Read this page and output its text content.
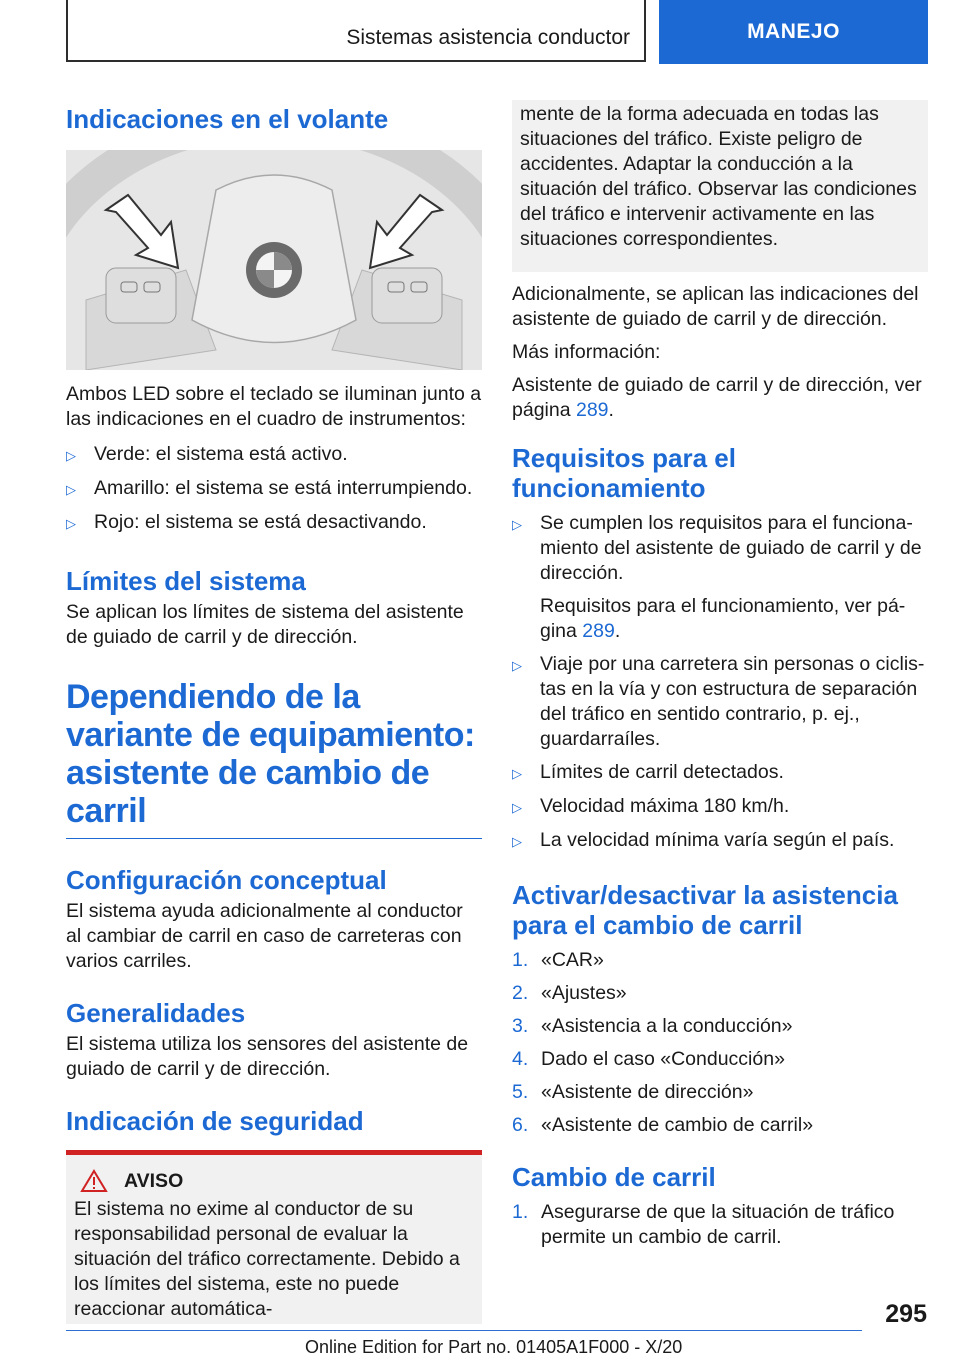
Sistemas asistencia conductor	MANEJO
Indicaciones en el volante

Ambos LED sobre el teclado se iluminan junto a las indicaciones en el cuadro de instrumentos:

▷ Verde: el sistema está activo.
▷ Amarillo: el sistema se está interrumpiendo.
▷ Rojo: el sistema se está desactivando.
Límites del sistema

Se aplican los límites de sistema del asistente de guiado de carril y de dirección.

Dependiendo de la variante de equipamiento: asistente de cambio de carril
Configuración conceptual

El sistema ayuda adicionalmente al conductor al cambiar de carril en caso de carreteras con varios carriles.

Generalidades

El sistema utiliza los sensores del asistente de guiado de carril y de dirección.

Indicación de seguridad
AVISO

El sistema no exime al conductor de su responsabilidad personal de evaluar la situación del tráfico correctamente. Debido a los límites del sistema, este no puede reaccionar automática-

mente de la forma adecuada en todas las situaciones del tráfico. Existe peligro de accidentes. Adaptar la conducción a la situación del tráfico. Observar las condiciones del tráfico e intervenir activamente en las situaciones correspondientes.

Adicionalmente, se aplican las indicaciones del asistente de guiado de carril y de dirección.

Más información:

Asistente de guiado de carril y de dirección, ver página 289.

Requisitos para el funcionamiento
▷ Se cumplen los requisitos para el funcionamiento del asistente de guiado de carril y de dirección.
Requisitos para el funcionamiento, ver página 289.
▷ Viaje por una carretera sin personas o ciclistas en la vía y con estructura de separación del tráfico en sentido contrario, p. ej., guardarraíles.
▷ Límites de carril detectados.
▷ Velocidad máxima 180 km/h.
▷ La velocidad mínima varía según el país.
Activar/desactivar la asistencia para el cambio de carril
1. «CAR»
2. «Ajustes»
3. «Asistencia a la conducción»
4. Dado el caso «Conducción»
5. «Asistente de dirección»
6. «Asistente de cambio de carril»
Cambio de carril
1. Asegurarse de que la situación de tráfico permite un cambio de carril.
295
Online Edition for Part no. 01405A1F000 - X/20
